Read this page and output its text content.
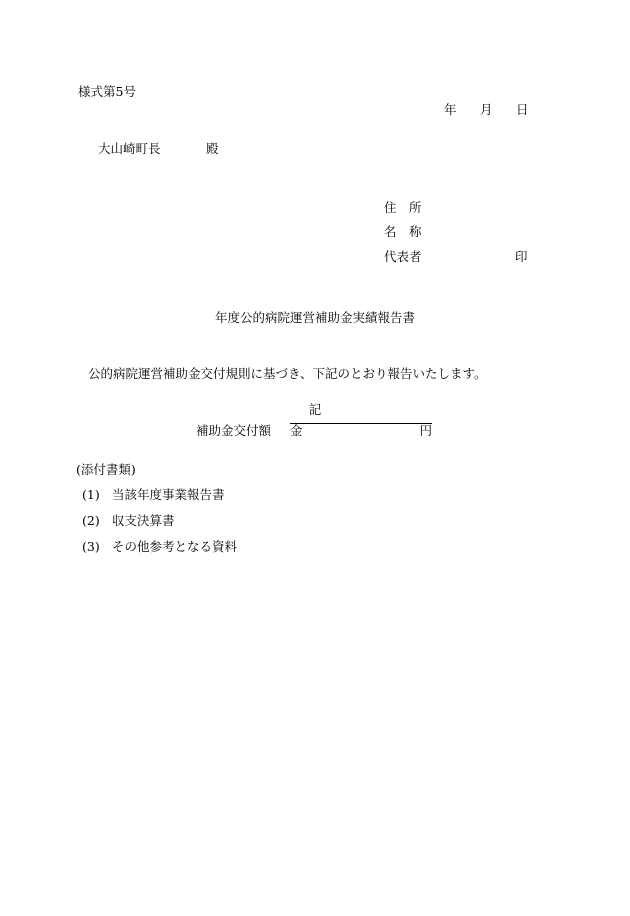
様式第5号
年 月 日
大山崎町長	殿
住　所
名　称
代表者	印
年度公的病院運営補助金実績報告書
公的病院運営補助金交付規則に基づき、下記のとおり報告いたします。
記
補助金交付額 金	円
(添付書類)
(1) 当該年度事業報告書
(2) 収支決算書
(3) その他参考となる資料
